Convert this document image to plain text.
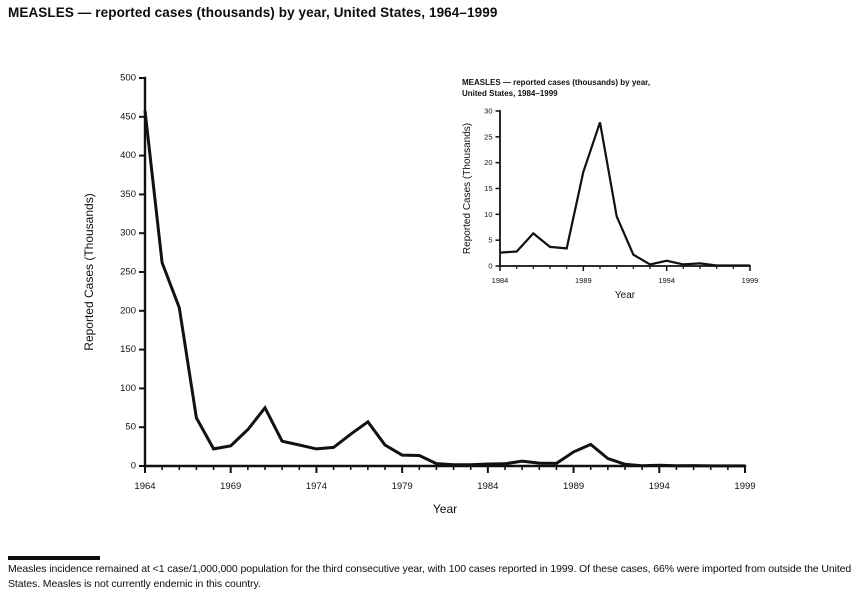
MEASLES — reported cases (thousands) by year, United States, 1964–1999
0
50
100
150
200
250
300
350
400
450
500
1964	1969	1974	1979	1984	1989	1994	1999
Reported Cases (Thousands)
Year
0
5
10
15
20
25
30
1984	1989	1994	1999
Reported Cases (Thousands)
Year
MEASLES — reported cases (thousands) by year,
United States, 1984–1999

Measles incidence remained at <1 case/1,000,000 population for the third consecutive year, with 100 cases reported in 1999. Of these cases, 66% were imported from outside the United States. Measles is not currently endemic in this country.
